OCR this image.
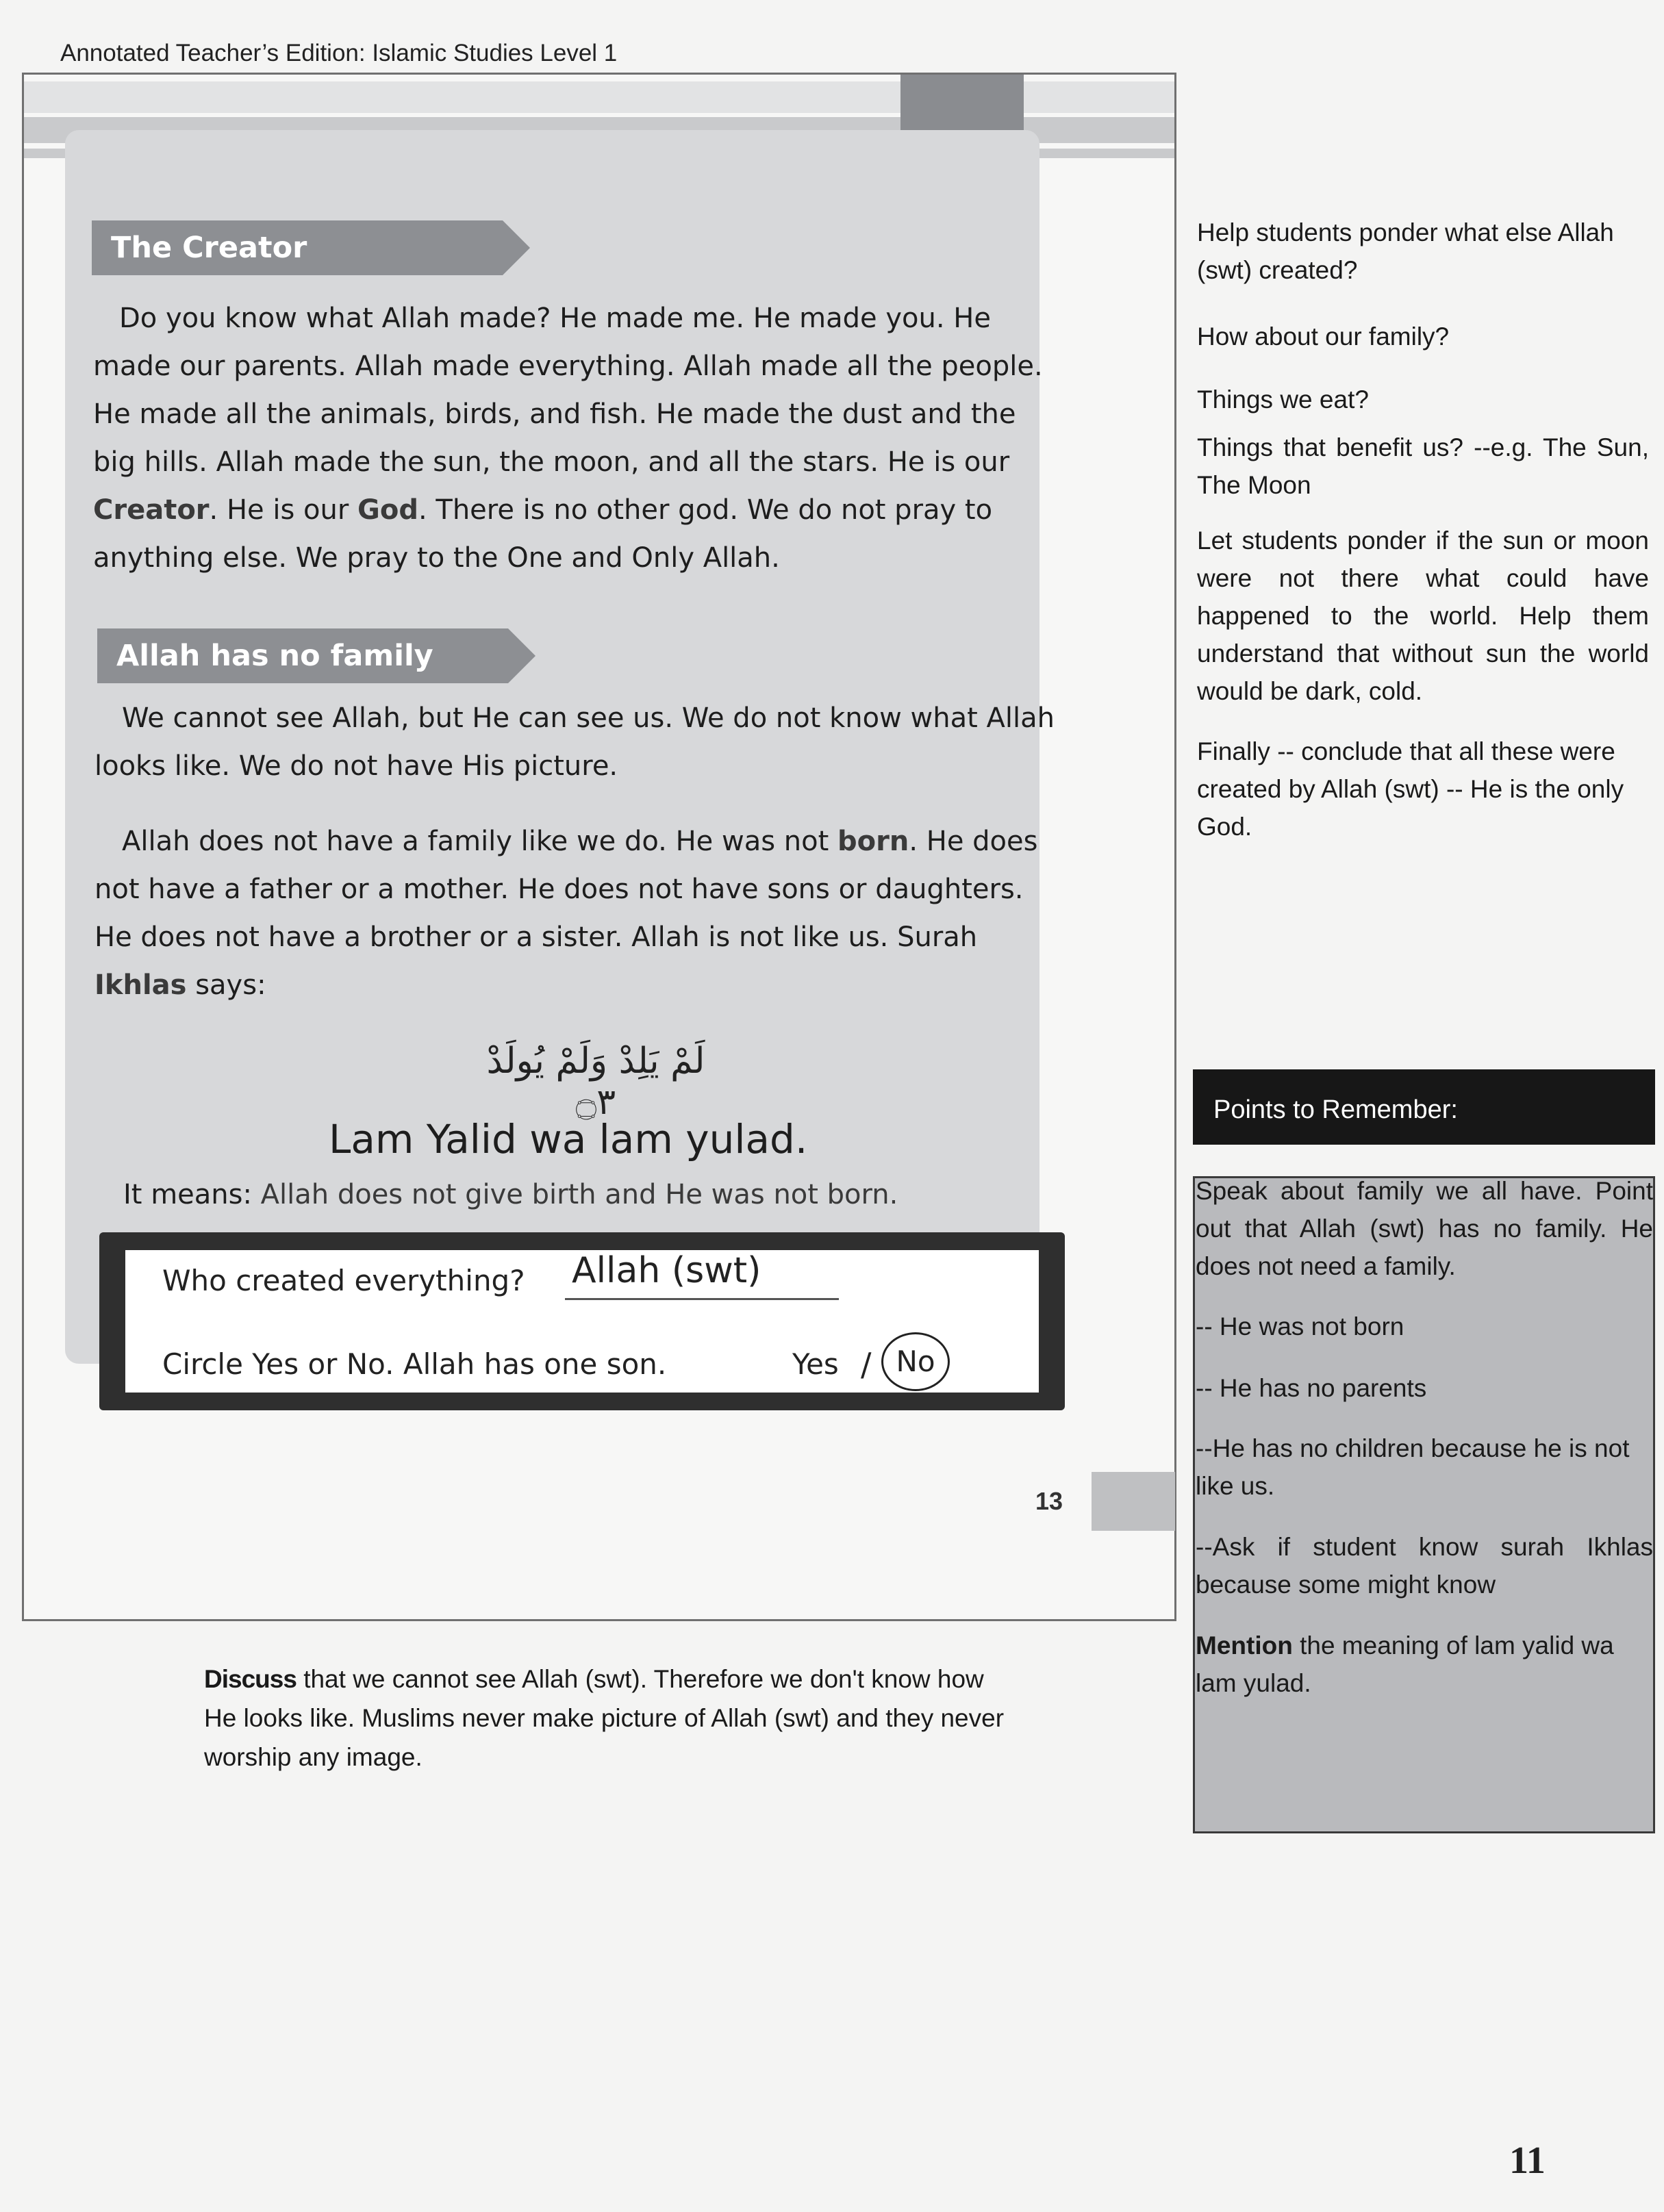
Annotated Teacher’s Edition: Islamic Studies Level 1
The Creator
Do you know what Allah made? He made me. He made you. He made our parents. Allah made everything. Allah made all the people. He made all the animals, birds, and fish. He made the dust and the big hills. Allah made the sun, the moon, and all the stars. He is our Creator. He is our God. There is no other god. We do not pray to anything else. We pray to the One and Only Allah.
Allah has no family
We cannot see Allah, but He can see us. We do not know what Allah looks like. We do not have His picture.
Allah does not have a family like we do. He was not born. He does not have a father or a mother. He does not have sons or daughters. He does not have a brother or a sister. Allah is not like us. Surah Ikhlas says:
لَمْ يَلِدْ وَلَمْ يُولَدْ ۝٣
Lam Yalid wa lam yulad.
It means: Allah does not give birth and He was not born.
Who created everything? Allah (swt)
Circle Yes or No. Allah has one son.	Yes / No
13
Help students ponder what else Allah (swt) created?
How about our family?
Things we eat?
Things that benefit us? --e.g. The Sun, The Moon
Let students ponder if the sun or moon were not there what could have happened to the world. Help them understand that without sun the world would be dark, cold.
Finally -- conclude that all these were created by Allah (swt) -- He is the only God.
Points to Remember:
Speak about family we all have. Point out that Allah (swt) has no family. He does not need a family.
-- He was not born
-- He has no parents
--He has no children because he is not like us.
--Ask if student know surah Ikhlas because some might know
Mention the meaning of lam yalid wa lam yulad.
Discuss that we cannot see Allah (swt). Therefore we don't know how He looks like. Muslims never make picture of Allah (swt) and they never worship any image.
11
